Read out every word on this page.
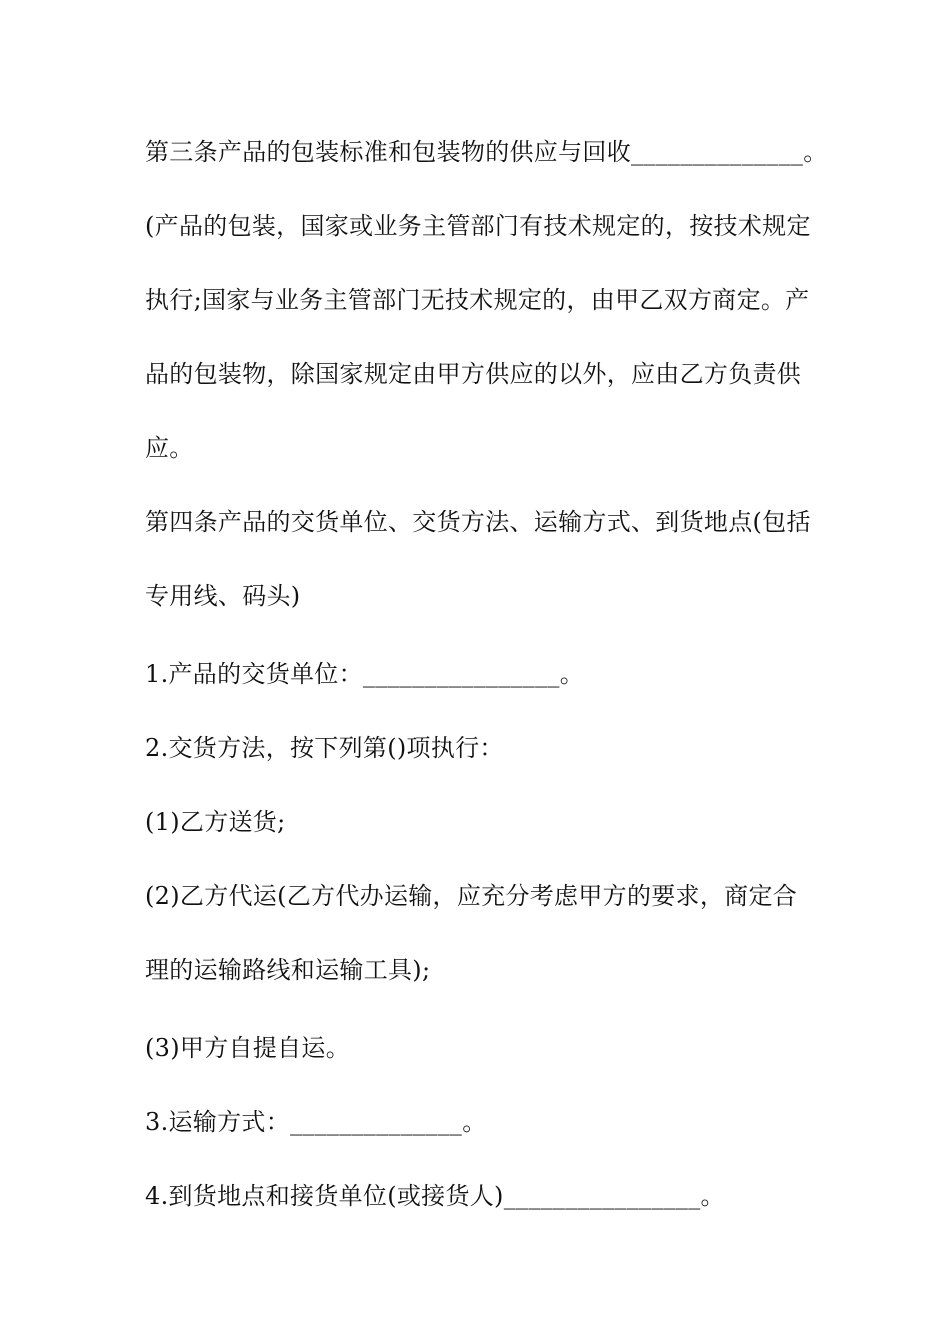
第三条产品的包装标准和包装物的供应与回收______________。
(产品的包装，国家或业务主管部门有技术规定的，按技术规定
执行;国家与业务主管部门无技术规定的，由甲乙双方商定。产
品的包装物，除国家规定由甲方供应的以外，应由乙方负责供
应。
第四条产品的交货单位、交货方法、运输方式、到货地点(包括
专用线、码头)
1.产品的交货单位：________________。
2.交货方法，按下列第()项执行：
(1)乙方送货;
(2)乙方代运(乙方代办运输，应充分考虑甲方的要求，商定合
理的运输路线和运输工具);
(3)甲方自提自运。
3.运输方式：______________。
4.到货地点和接货单位(或接货人)________________。
